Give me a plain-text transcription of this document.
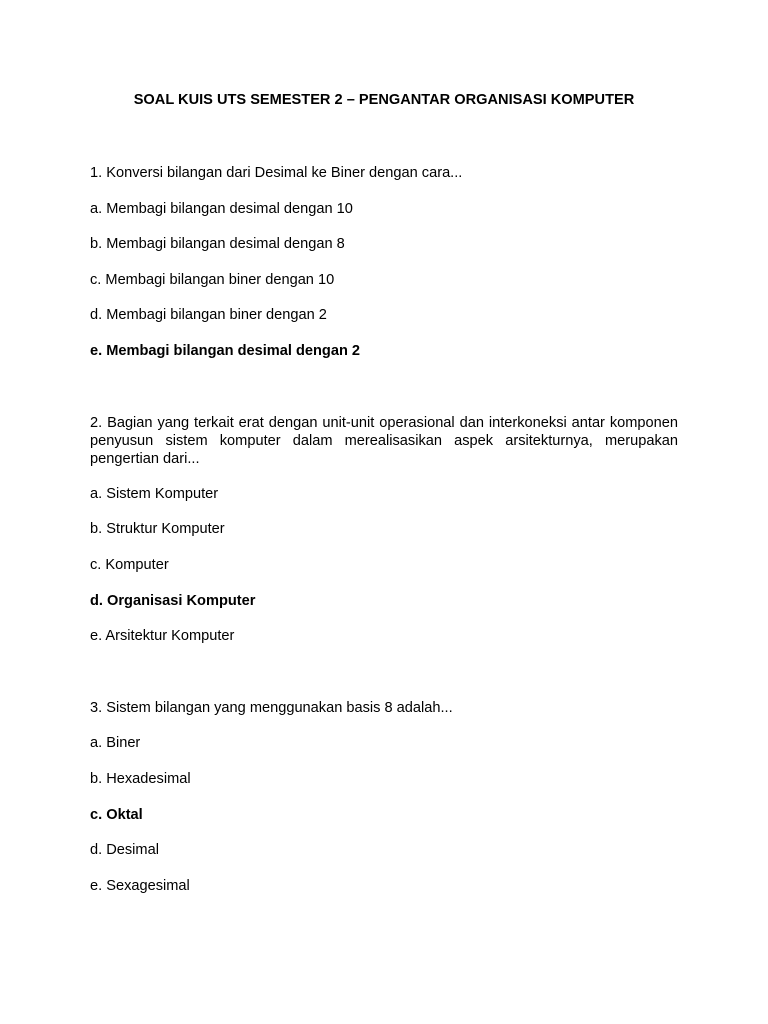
SOAL KUIS UTS SEMESTER 2 – PENGANTAR ORGANISASI KOMPUTER

1. Konversi bilangan dari Desimal ke Biner dengan cara...

a. Membagi bilangan desimal dengan 10

b. Membagi bilangan desimal dengan 8

c. Membagi bilangan biner dengan 10

d. Membagi bilangan biner dengan 2

e. Membagi bilangan desimal dengan 2

2. Bagian yang terkait erat dengan unit-unit operasional dan interkoneksi antar komponen penyusun sistem komputer dalam merealisasikan aspek arsitekturnya, merupakan pengertian dari...

a. Sistem Komputer

b. Struktur Komputer

c. Komputer

d. Organisasi Komputer

e. Arsitektur Komputer

3. Sistem bilangan yang menggunakan basis 8 adalah...

a. Biner

b. Hexadesimal

c. Oktal

d. Desimal

e. Sexagesimal
